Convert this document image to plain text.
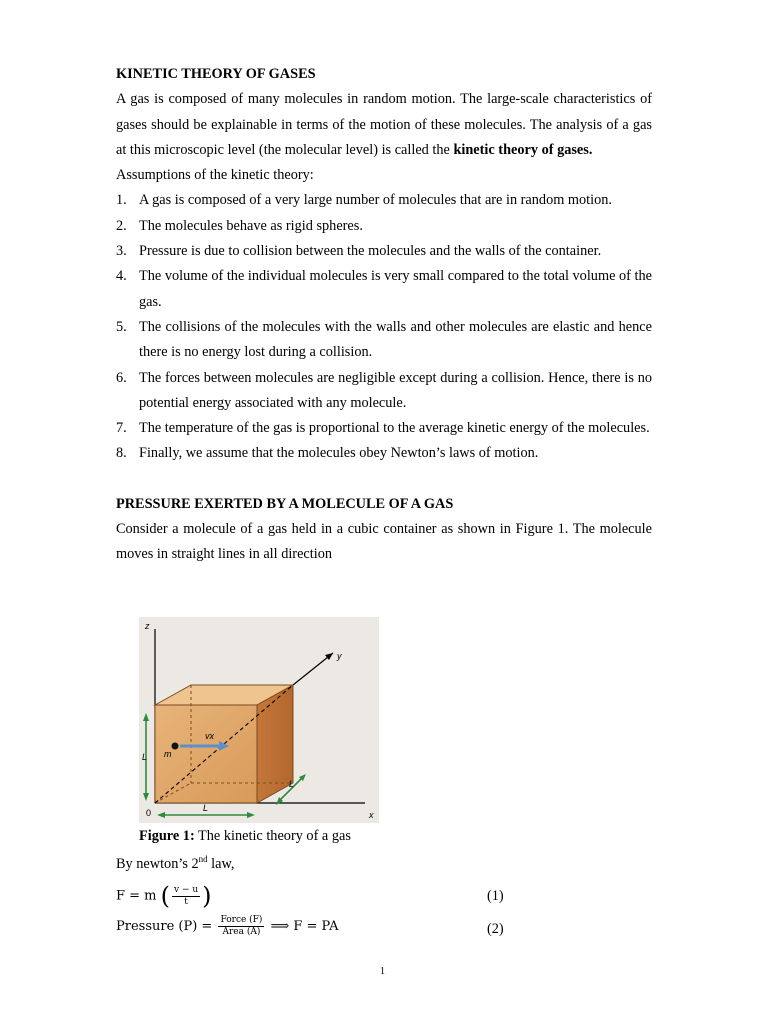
KINETIC THEORY OF GASES

A gas is composed of many molecules in random motion. The large-scale characteristics of gases should be explainable in terms of the motion of these molecules. The analysis of a gas at this microscopic level (the molecular level) is called the kinetic theory of gases.

Assumptions of the kinetic theory:

1. A gas is composed of a very large number of molecules that are in random motion.
2. The molecules behave as rigid spheres.
3. Pressure is due to collision between the molecules and the walls of the container.
4. The volume of the individual molecules is very small compared to the total volume of the gas.
5. The collisions of the molecules with the walls and other molecules are elastic and hence there is no energy lost during a collision.
6. The forces between molecules are negligible except during a collision. Hence, there is no potential energy associated with any molecule.
7. The temperature of the gas is proportional to the average kinetic energy of the molecules.
8. Finally, we assume that the molecules obey Newton’s laws of motion.
PRESSURE EXERTED BY A MOLECULE OF A GAS

Consider a molecule of a gas held in a cubic container as shown in Figure 1. The molecule moves in straight lines in all direction

z
y
x
0
L
L
L
m
vx
Figure 1: The kinetic theory of a gas
By newton’s 2nd law,
F = m ( $\frac{v - u}{t}$ )	(1)
Pressure $(P) = \frac{\text{Force (F)}}{\text{Area (A)}}$ ⟹ F = PA	(2)
1
